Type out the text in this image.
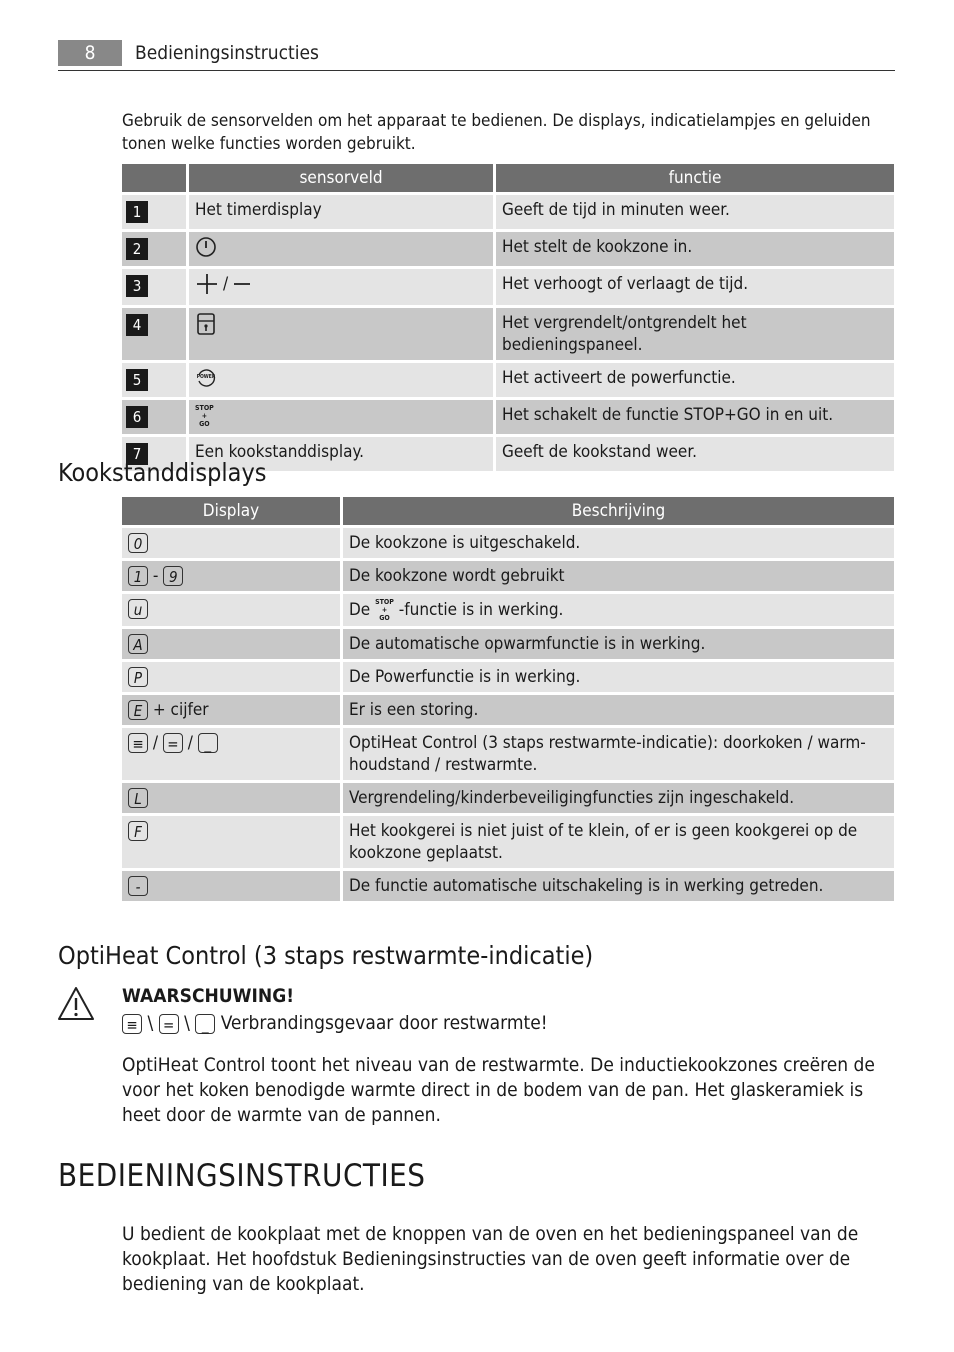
8	Bedieningsinstructies
Gebruik de sensorvelden om het apparaat te bedienen. De displays, indicatielampjes en geluiden tonen welke functies worden gebruikt.
	sensorveld	functie
1	Het timerdisplay	Geeft de tijd in minuten weer.
2		Het stelt de kookzone in.
3	/	Het verhoogt of verlaagt de tijd.
4		Het vergrendelt/ontgrendelt het bedieningspaneel.
5	POWER	Het activeert de powerfunctie.
6	STOP
+
GO	Het schakelt de functie STOP+GO in en uit.
7	Een kookstanddisplay.	Geeft de kookstand weer.
Kookstanddisplays
Display	Beschrijving
0	De kookzone is uitgeschakeld.
1 - 9	De kookzone wordt gebruikt
u	De STOP
+
GO -functie is in werking.
A	De automatische opwarmfunctie is in werking.
P	De Powerfunctie is in werking.
E + cijfer	Er is een storing.
≡ / = / _	OptiHeat Control (3 staps restwarmte-indicatie): doorkoken / warm-houdstand / restwarmte.
L	Vergrendeling/kinderbeveiligingfuncties zijn ingeschakeld.
F	Het kookgerei is niet juist of te klein, of er is geen kookgerei op de kookzone geplaatst.
-	De functie automatische uitschakeling is in werking getreden.
OptiHeat Control (3 staps restwarmte-indicatie)
WAARSCHUWING!
≡ \ = \ _ Verbrandingsgevaar door restwarmte!
OptiHeat Control toont het niveau van de restwarmte. De inductiekookzones creëren de voor het koken benodigde warmte direct in de bodem van de pan. Het glaskeramiek is heet door de warmte van de pannen.
BEDIENINGSINSTRUCTIES
U bedient de kookplaat met de knoppen van de oven en het bedieningspaneel van de kookplaat. Het hoofdstuk Bedieningsinstructies van de oven geeft informatie over de bediening van de kookplaat.
